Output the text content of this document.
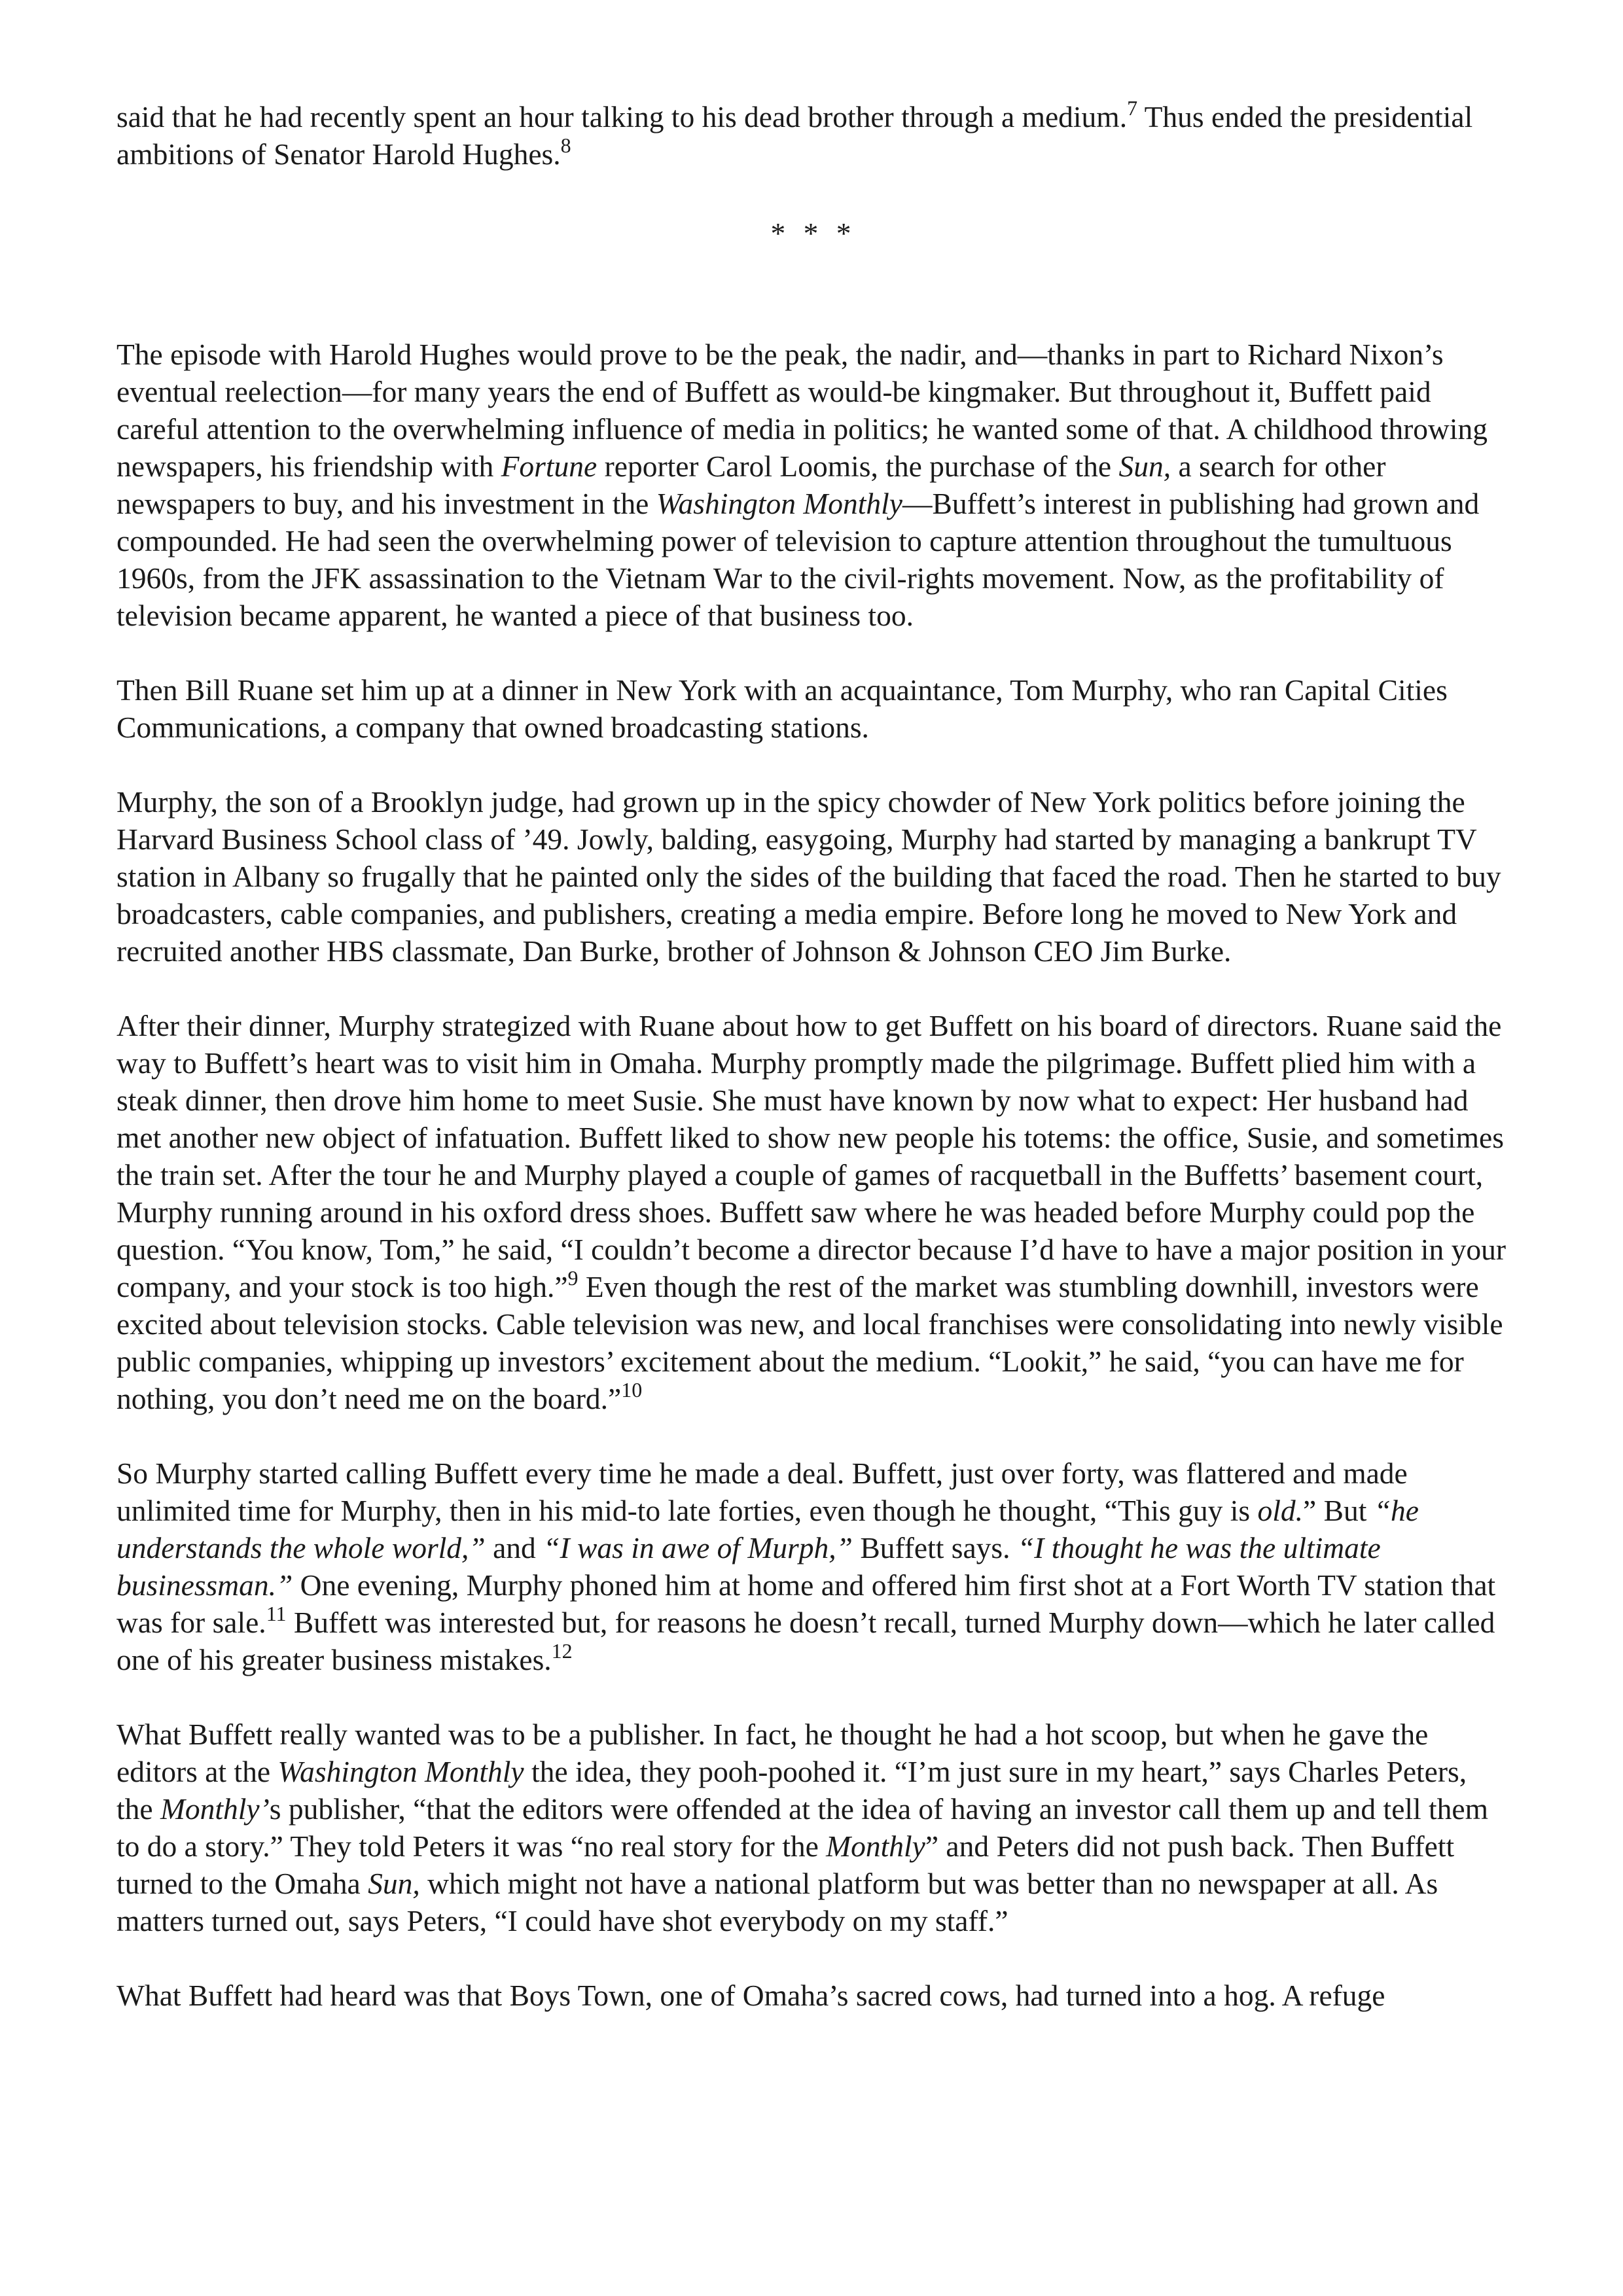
said that he had recently spent an hour talking to his dead brother through a medium.$^7$ Thus ended the presidential ambitions of Senator Harold Hughes.$^8$

* * *

The episode with Harold Hughes would prove to be the peak, the nadir, and—thanks in part to Richard Nixon’s eventual reelection—for many years the end of Buffett as would-be kingmaker. But throughout it, Buffett paid careful attention to the overwhelming influence of media in politics; he wanted some of that. A childhood throwing newspapers, his friendship with Fortune reporter Carol Loomis, the purchase of the Sun, a search for other newspapers to buy, and his investment in the Washington Monthly—Buffett’s interest in publishing had grown and compounded. He had seen the overwhelming power of television to capture attention throughout the tumultuous 1960s, from the JFK assassination to the Vietnam War to the civil-rights movement. Now, as the profitability of television became apparent, he wanted a piece of that business too.

Then Bill Ruane set him up at a dinner in New York with an acquaintance, Tom Murphy, who ran Capital Cities Communications, a company that owned broadcasting stations.

Murphy, the son of a Brooklyn judge, had grown up in the spicy chowder of New York politics before joining the Harvard Business School class of ’49. Jowly, balding, easygoing, Murphy had started by managing a bankrupt TV station in Albany so frugally that he painted only the sides of the building that faced the road. Then he started to buy broadcasters, cable companies, and publishers, creating a media empire. Before long he moved to New York and recruited another HBS classmate, Dan Burke, brother of Johnson & Johnson CEO Jim Burke.

After their dinner, Murphy strategized with Ruane about how to get Buffett on his board of directors. Ruane said the way to Buffett’s heart was to visit him in Omaha. Murphy promptly made the pilgrimage. Buffett plied him with a steak dinner, then drove him home to meet Susie. She must have known by now what to expect: Her husband had met another new object of infatuation. Buffett liked to show new people his totems: the office, Susie, and sometimes the train set. After the tour he and Murphy played a couple of games of racquetball in the Buffetts’ basement court, Murphy running around in his oxford dress shoes. Buffett saw where he was headed before Murphy could pop the question. “You know, Tom,” he said, “I couldn’t become a director because I’d have to have a major position in your company, and your stock is too high.”$^9$ Even though the rest of the market was stumbling downhill, investors were excited about television stocks. Cable television was new, and local franchises were consolidating into newly visible public companies, whipping up investors’ excitement about the medium. “Lookit,” he said, “you can have me for nothing, you don’t need me on the board.”$^{10}$

So Murphy started calling Buffett every time he made a deal. Buffett, just over forty, was flattered and made unlimited time for Murphy, then in his mid-to late forties, even though he thought, “This guy is old.” But “he understands the whole world,” and “I was in awe of Murph,” Buffett says. “I thought he was the ultimate businessman.” One evening, Murphy phoned him at home and offered him first shot at a Fort Worth TV station that was for sale.$^{11}$ Buffett was interested but, for reasons he doesn’t recall, turned Murphy down—which he later called one of his greater business mistakes.$^{12}$

What Buffett really wanted was to be a publisher. In fact, he thought he had a hot scoop, but when he gave the editors at the Washington Monthly the idea, they pooh-poohed it. “I’m just sure in my heart,” says Charles Peters, the Monthly’s publisher, “that the editors were offended at the idea of having an investor call them up and tell them to do a story.” They told Peters it was “no real story for the Monthly” and Peters did not push back. Then Buffett turned to the Omaha Sun, which might not have a national platform but was better than no newspaper at all. As matters turned out, says Peters, “I could have shot everybody on my staff.”

What Buffett had heard was that Boys Town, one of Omaha’s sacred cows, had turned into a hog. A refuge
